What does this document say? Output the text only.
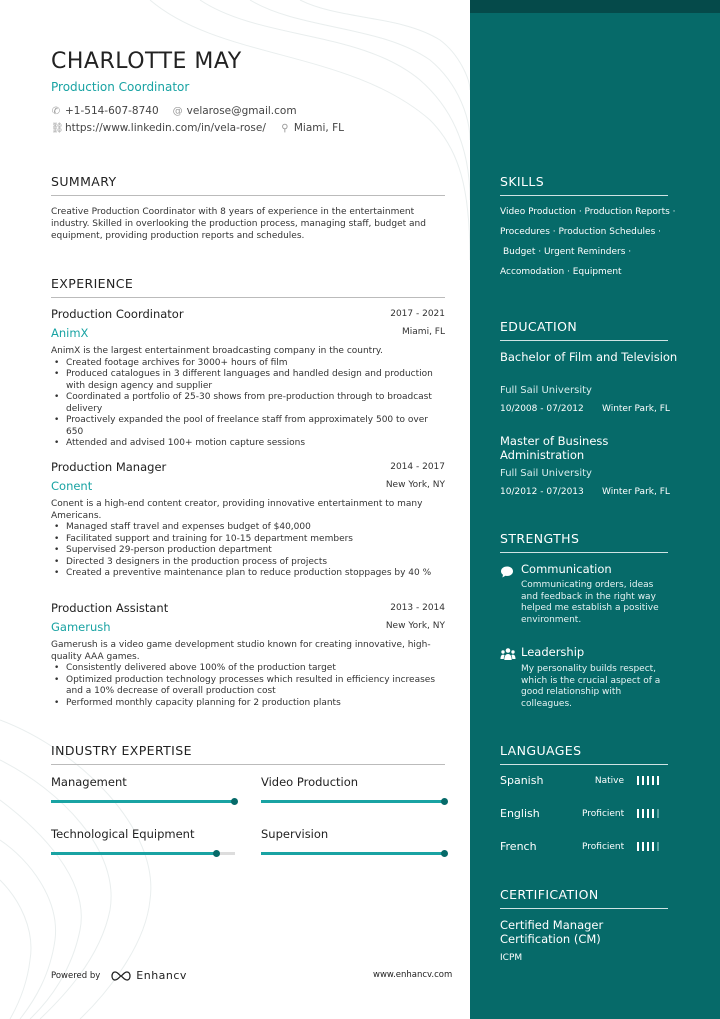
CHARLOTTE MAY
Production Coordinator
✆ +1-514-607-8740 @ velarose@gmail.com
⛓ https://www.linkedin.com/in/vela-rose/ ⚲ Miami, FL
SUMMARY
Creative Production Coordinator with 8 years of experience in the entertainment industry. Skilled in overlooking the production process, managing staff, budget and equipment, providing production reports and schedules.
EXPERIENCE
Production Coordinator	2017 - 2021
AnimX	Miami, FL
AnimX is the largest entertainment broadcasting company in the country.
• Created footage archives for 3000+ hours of film
• Produced catalogues in 3 different languages and handled design and production with design agency and supplier
• Coordinated a portfolio of 25-30 shows from pre-production through to broadcast delivery
• Proactively expanded the pool of freelance staff from approximately 500 to over 650
• Attended and advised 100+ motion capture sessions
Production Manager	2014 - 2017
Conent	New York, NY
Conent is a high-end content creator, providing innovative entertainment to many Americans.
• Managed staff travel and expenses budget of $40,000
• Facilitated support and training for 10-15 department members
• Supervised 29-person production department
• Directed 3 designers in the production process of projects
• Created a preventive maintenance plan to reduce production stoppages by 40 %
Production Assistant	2013 - 2014
Gamerush	New York, NY
Gamerush is a video game development studio known for creating innovative, high-quality AAA games.
• Consistently delivered above 100% of the production target
• Optimized production technology processes which resulted in efficiency increases and a 10% decrease of overall production cost
• Performed monthly capacity planning for 2 production plants
INDUSTRY EXPERTISE
Management	Video Production
Technological Equipment	Supervision
Powered by	Enhancv	www.enhancv.com
SKILLS
Video Production · Production Reports ·
Procedures · Production Schedules ·
Budget · Urgent Reminders ·
Accomodation · Equipment
EDUCATION
Bachelor of Film and Television
Full Sail University
10/2008 - 07/2012 Winter Park, FL
Master of Business Administration
Full Sail University
10/2012 - 07/2013 Winter Park, FL
STRENGTHS
Communication
Communicating orders, ideas and feedback in the right way helped me establish a positive environment.
Leadership
My personality builds respect, which is the crucial aspect of a good relationship with colleagues.
LANGUAGES
Spanish	Native
English	Proficient
French	Proficient
CERTIFICATION
Certified Manager Certification (CM)
ICPM
